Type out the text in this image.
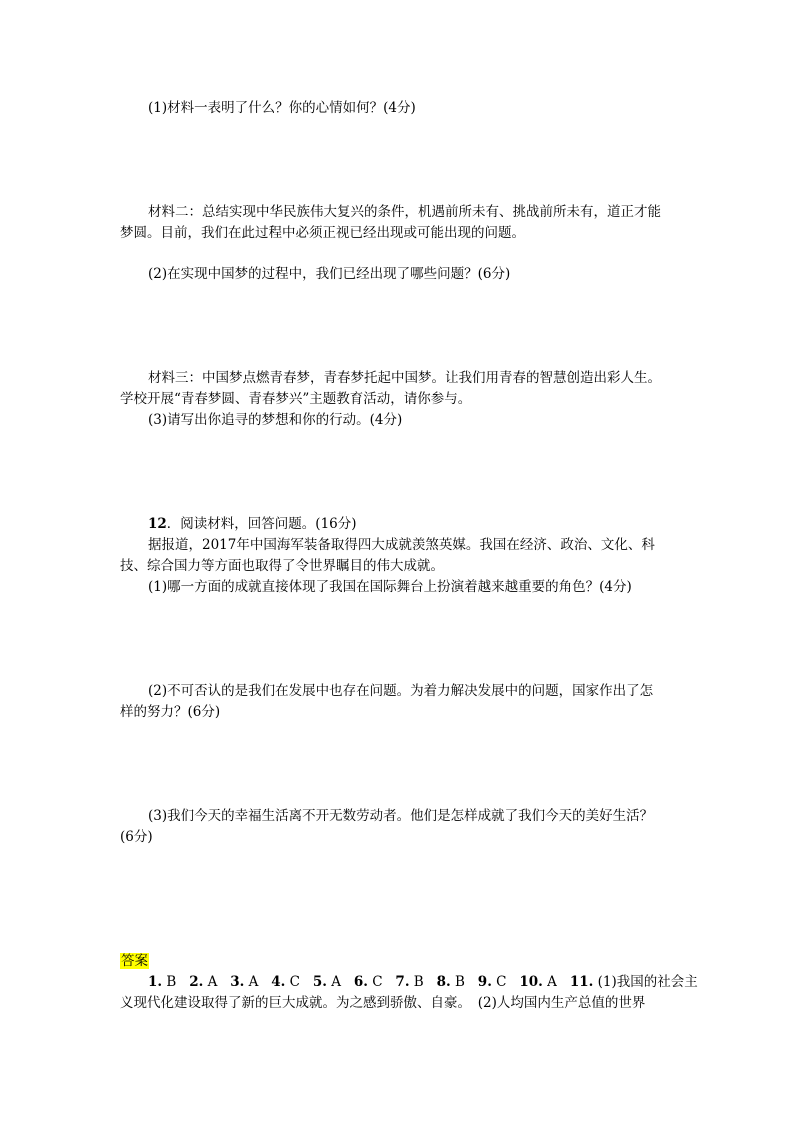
(1)材料一表明了什么？你的心情如何？(4分)
材料二：总结实现中华民族伟大复兴的条件，机遇前所未有、挑战前所未有，道正才能
梦圆。目前，我们在此过程中必须正视已经出现或可能出现的问题。
(2)在实现中国梦的过程中，我们已经出现了哪些问题？(6分)
材料三：中国梦点燃青春梦，青春梦托起中国梦。让我们用青春的智慧创造出彩人生。
学校开展“青春梦圆、青春梦兴”主题教育活动，请你参与。
(3)请写出你追寻的梦想和你的行动。(4分)
12．阅读材料，回答问题。(16分)
据报道，2017年中国海军装备取得四大成就羡煞英媒。我国在经济、政治、文化、科
技、综合国力等方面也取得了令世界瞩目的伟大成就。
(1)哪一方面的成就直接体现了我国在国际舞台上扮演着越来越重要的角色？(4分)
(2)不可否认的是我们在发展中也存在问题。为着力解决发展中的问题，国家作出了怎
样的努力？(6分)
(3)我们今天的幸福生活离不开无数劳动者。他们是怎样成就了我们今天的美好生活？
(6分)
答案
1. B 2. A 3. A 4. C 5. A 6. C 7. B 8. B 9. C 10. A 11. (1)我国的社会主
义现代化建设取得了新的巨大成就。为之感到骄傲、自豪。　(2)人均国内生产总值的世界
